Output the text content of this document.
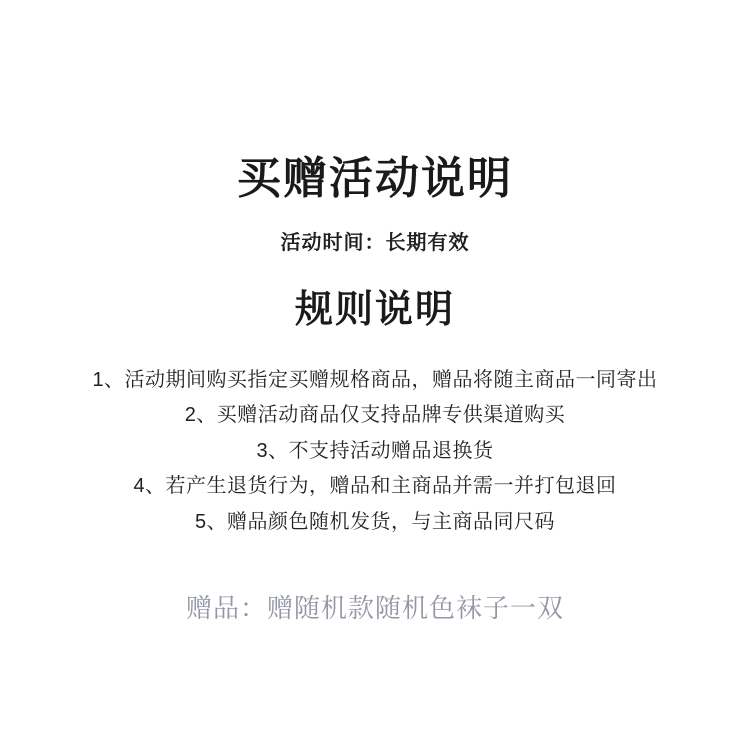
买赠活动说明
活动时间：长期有效
规则说明
1、活动期间购买指定买赠规格商品，赠品将随主商品一同寄出
2、买赠活动商品仅支持品牌专供渠道购买
3、不支持活动赠品退换货
4、若产生退货行为，赠品和主商品并需一并打包退回
5、赠品颜色随机发货，与主商品同尺码
赠品：赠随机款随机色袜子一双
